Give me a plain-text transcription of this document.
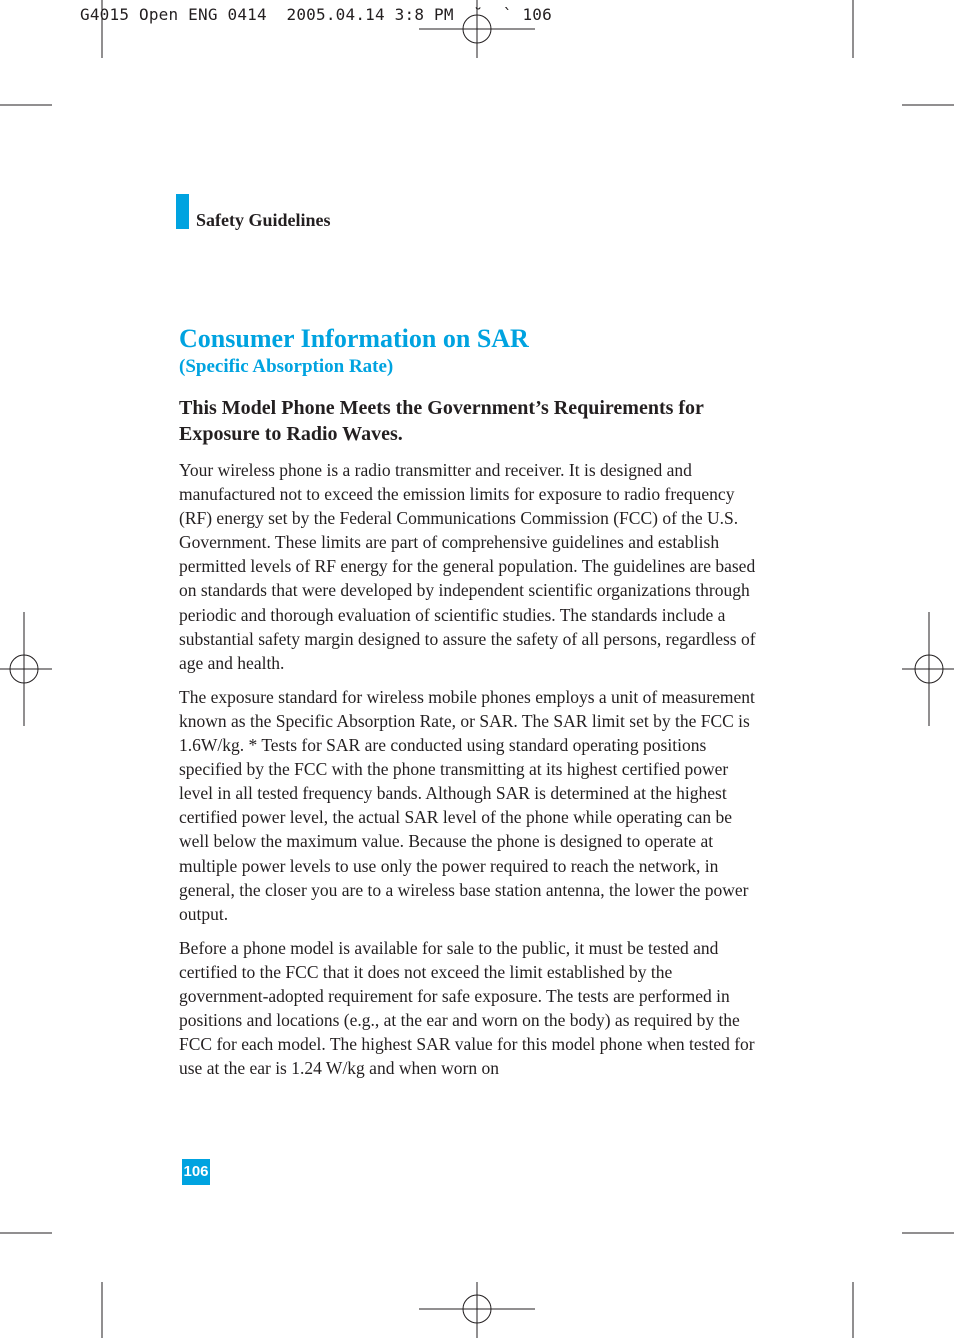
G4015 Open ENG 0414  2005.04.14 3:8 PM  ˘  ` 106
Safety Guidelines
Consumer Information on SAR
(Specific Absorption Rate)
This Model Phone Meets the Government’s Requirements for Exposure to Radio Waves.

Your wireless phone is a radio transmitter and receiver. It is designed and manufactured not to exceed the emission limits for exposure to radio frequency (RF) energy set by the Federal Communications Commission (FCC) of the U.S. Government. These limits are part of comprehensive guidelines and establish permitted levels of RF energy for the general population. The guidelines are based on standards that were developed by independent scientific organizations through periodic and thorough evaluation of scientific studies. The standards include a substantial safety margin designed to assure the safety of all persons, regardless of age and health.

The exposure standard for wireless mobile phones employs a unit of measurement known as the Specific Absorption Rate, or SAR. The SAR limit set by the FCC is 1.6W/kg. * Tests for SAR are conducted using standard operating positions specified by the FCC with the phone transmitting at its highest certified power level in all tested frequency bands. Although SAR is determined at the highest certified power level, the actual SAR level of the phone while operating can be well below the maximum value. Because the phone is designed to operate at multiple power levels to use only the power required to reach the network, in general, the closer you are to a wireless base station antenna, the lower the power output.

Before a phone model is available for sale to the public, it must be tested and certified to the FCC that it does not exceed the limit established by the government-adopted requirement for safe exposure. The tests are performed in positions and locations (e.g., at the ear and worn on the body) as required by the FCC for each model. The highest SAR value for this model phone when tested for use at the ear is 1.24 W/kg and when worn on

106
